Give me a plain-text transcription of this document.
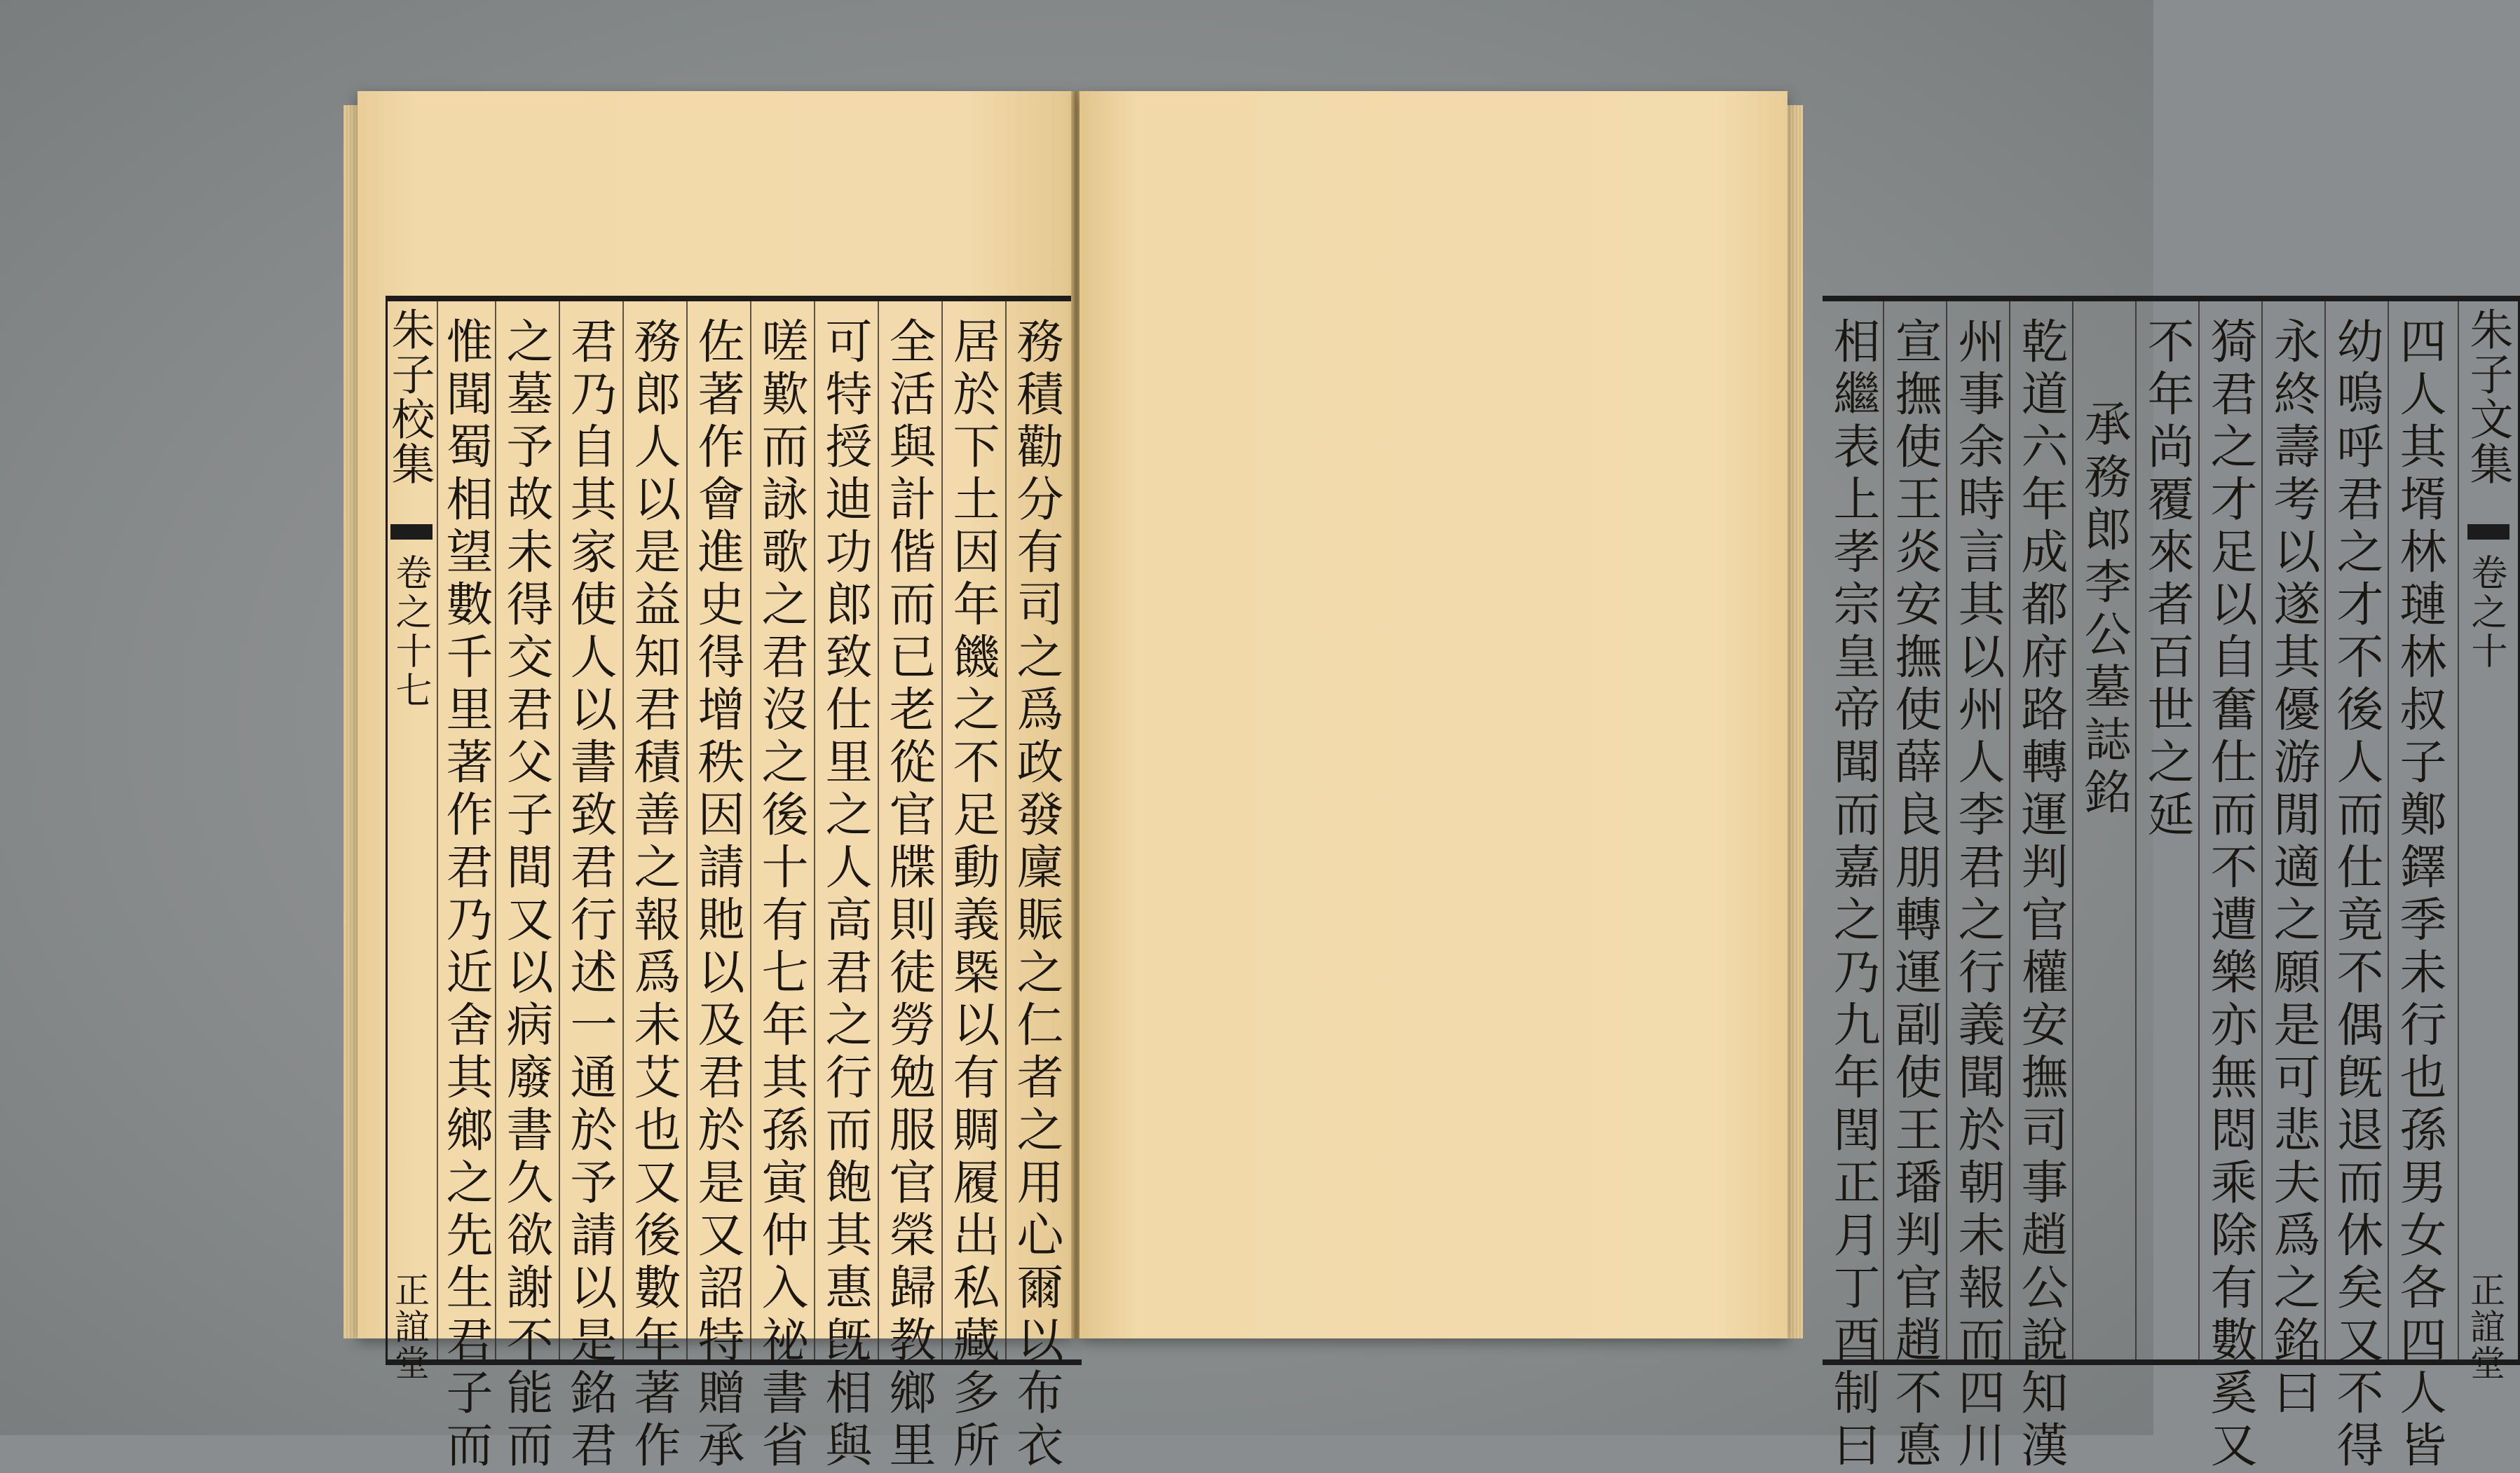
朱子校集
卷之十七
正誼堂	務積勸分有司之爲政發廩賑之仁者之用心爾以布衣
居於下土因年饑之不足動義槩以有賙履出私藏多所
全活與計偕而已老從官牒則徒勞勉服官榮歸教鄉里
可特授迪功郎致仕里之人高君之行而飽其惠旣相與
嗟歎而詠歌之君沒之後十有七年其孫寅仲入祕書省
佐著作會進史得增秩因請貤以及君於是又詔特贈承
務郎人以是益知君積善之報爲未艾也又後數年著作
君乃自其家使人以書致君行述一通於予請以是銘君
之墓予故未得交君父子間又以病廢書久欲謝不能而
惟聞蜀相望數千里著作君乃近舍其鄉之先生君子而	四人其壻林璉林叔子鄭鐸季未行也孫男女各四人皆
幼嗚呼君之才不後人而仕竟不偶旣退而休矣又不得
永終壽考以遂其優游閒適之願是可悲夫爲之銘曰
猗君之才足以自奮仕而不遭樂亦無悶乘除有數奚又
不年尚覆來者百世之延
承務郎李公墓誌銘
乾道六年成都府路轉運判官權安撫司事趙公說知漢
州事余時言其以州人李君之行義聞於朝未報而四川
宣撫使王炎安撫使薛良朋轉運副使王璠判官趙不悳
相繼表上孝宗皇帝聞而嘉之乃九年閏正月丁酉制曰	朱子文集
卷之十
正誼堂
